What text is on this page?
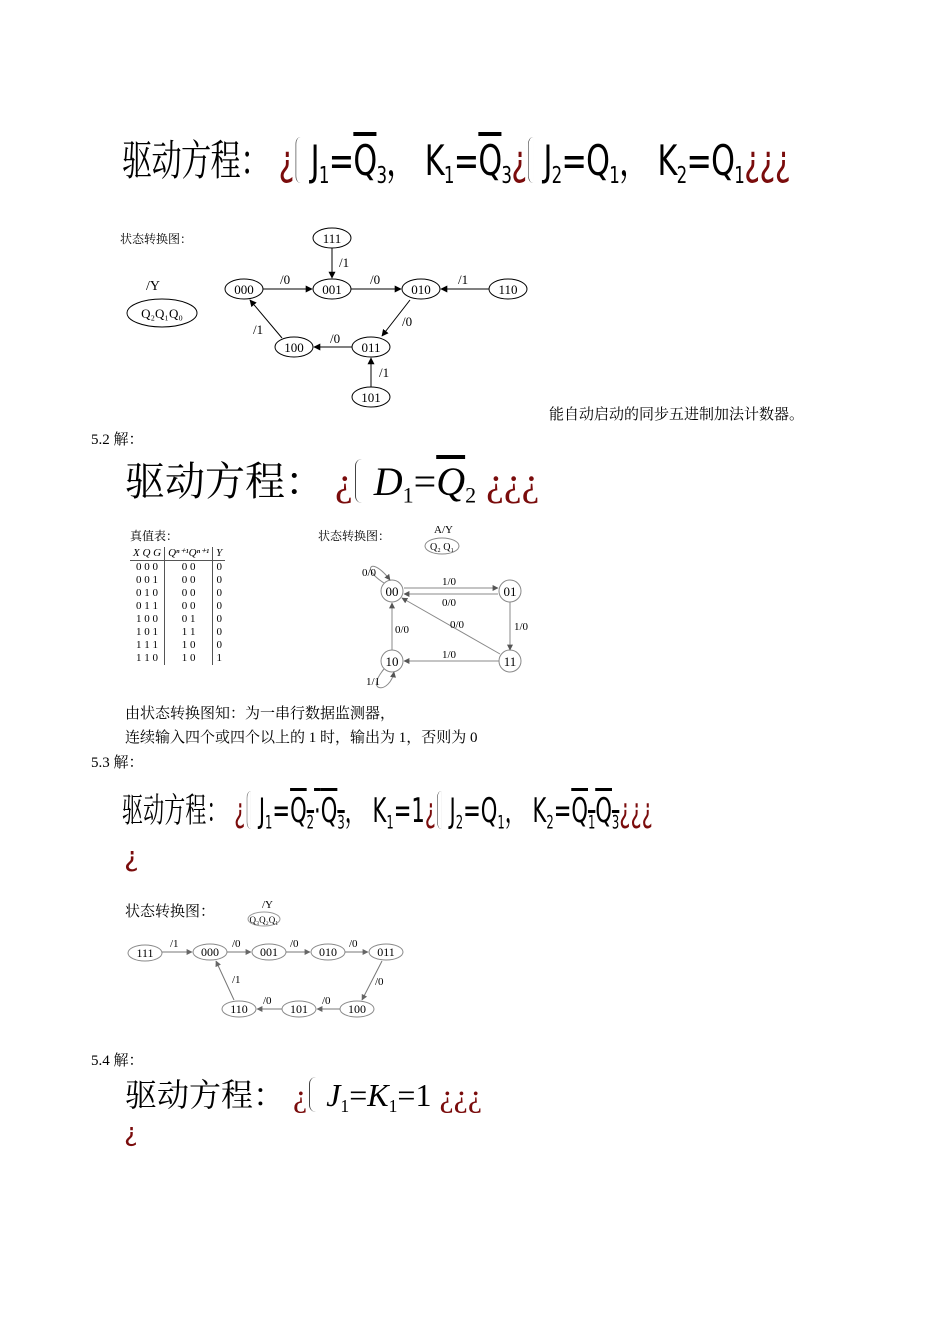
驱动方程： ¿ $J_1=\overline{Q}_3$， $K_1=\overline{Q}_3¿$ $J_2=Q_1$， $K_2=Q_1¿¿¿$
状态转换图：
/Y
Q₂Q₁Q₀
000	001	010	110
111
011
100
101
/0	/0	/1
/1
/0
/0
/1
/1
能自动启动的同步五进制加法计数器。
5.2 解：
驱动方程： ¿ $D_1=\overline{Q}_2$ ¿¿¿
真值表：
X Q G	Qⁿ⁺¹Qⁿ⁺¹	Y
0 0 0	0 0	0
0 0 1	0 0	0
0 1 0	0 0	0
0 1 1	0 0	0
1 0 0	0 1	0
1 0 1	1 1	0
1 1 1	1 0	0
1 1 0	1 0	1
状态转换图：	A/Y
Q₂ Q₁
00	01
10	11
0/0
1/0
0/0
0/0	0/0	1/0
1/0
1/1
由状态转换图知：为一串行数据监测器，
连续输入四个或四个以上的 1 时，输出为 1，否则为 0
5.3 解：
驱动方程： ¿ $J_1=Q_2\cdot Q_3$， $K_1=1¿$ $J_2=Q_1$， $K_2=Q_1Q_3¿¿¿$
¿
状态转换图：	/Y
Q₃Q₂Q₁
111	000	001	010	011
110	101	100
/1	/0	/0	/0
/0
/1
/0	/0
5.4 解：
驱动方程： ¿ $J_1=K_1=1$ ¿¿¿
¿
